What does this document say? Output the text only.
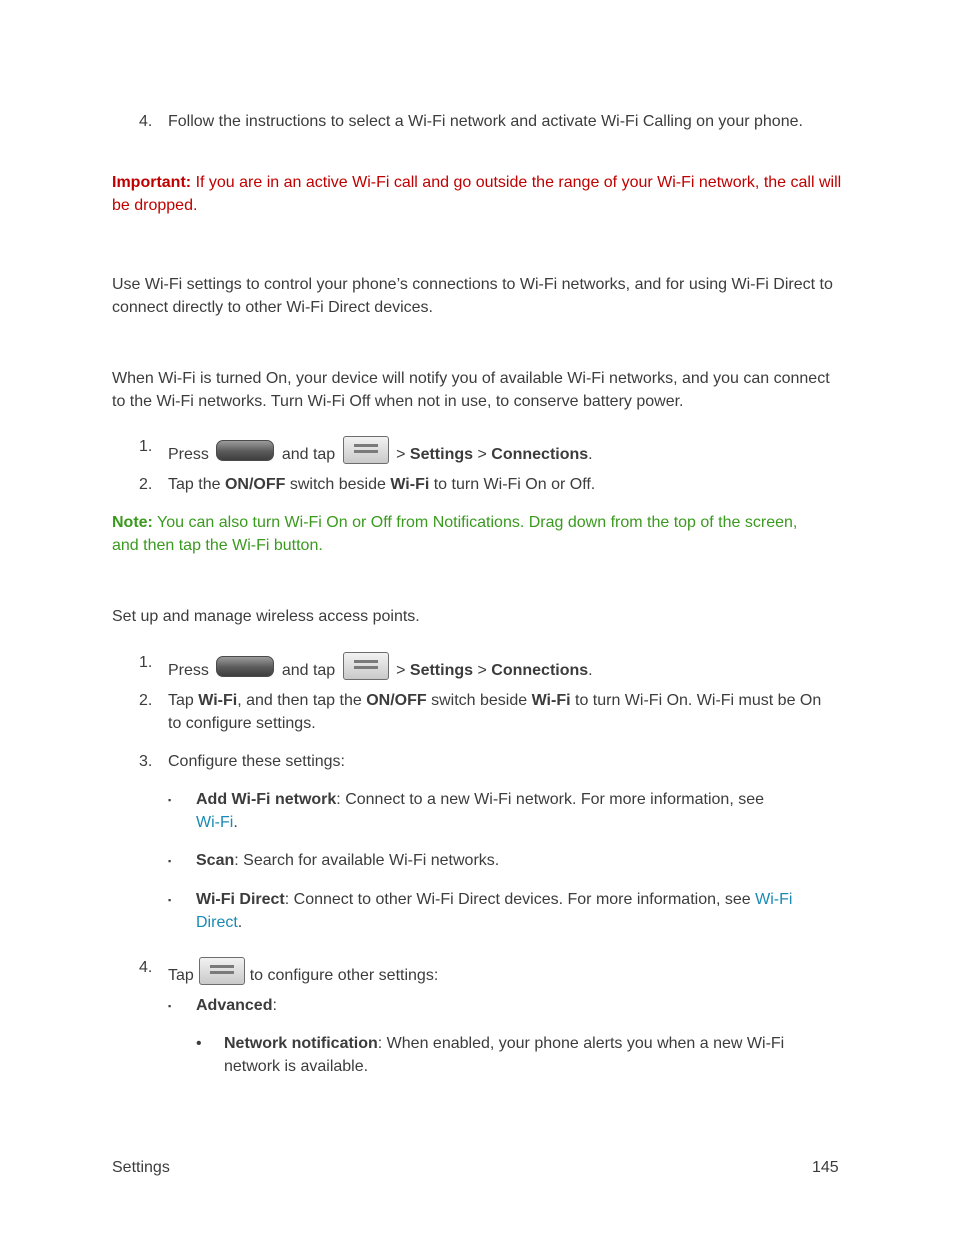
4. Follow the instructions to select a Wi-Fi network and activate Wi-Fi Calling on your phone.

Important: If you are in an active Wi-Fi call and go outside the range of your Wi-Fi network, the call will be dropped.

Use Wi-Fi settings to control your phone’s connections to Wi-Fi networks, and for using Wi-Fi Direct to connect directly to other Wi-Fi Direct devices.

When Wi-Fi is turned On, your device will notify you of available Wi-Fi networks, and you can connect to the Wi-Fi networks. Turn Wi-Fi Off when not in use, to conserve battery power.

1. Press	and tap	> Settings > Connections.
2. Tap the ON/OFF switch beside Wi-Fi to turn Wi-Fi On or Off.

Note: You can also turn Wi-Fi On or Off from Notifications. Drag down from the top of the screen, and then tap the Wi-Fi button.

Set up and manage wireless access points.

1. Press	and tap	> Settings > Connections.
2. Tap Wi-Fi, and then tap the ON/OFF switch beside Wi-Fi to turn Wi-Fi On. Wi-Fi must be On to configure settings.
3. Configure these settings:
▪ Add Wi-Fi network: Connect to a new Wi-Fi network. For more information, see Wi-Fi.
▪ Scan: Search for available Wi-Fi networks.
▪ Wi-Fi Direct: Connect to other Wi-Fi Direct devices. For more information, see Wi-Fi Direct.
4. Tap	to configure other settings:
▪ Advanced:
• Network notification: When enabled, your phone alerts you when a new Wi-Fi network is available.
Settings	145
